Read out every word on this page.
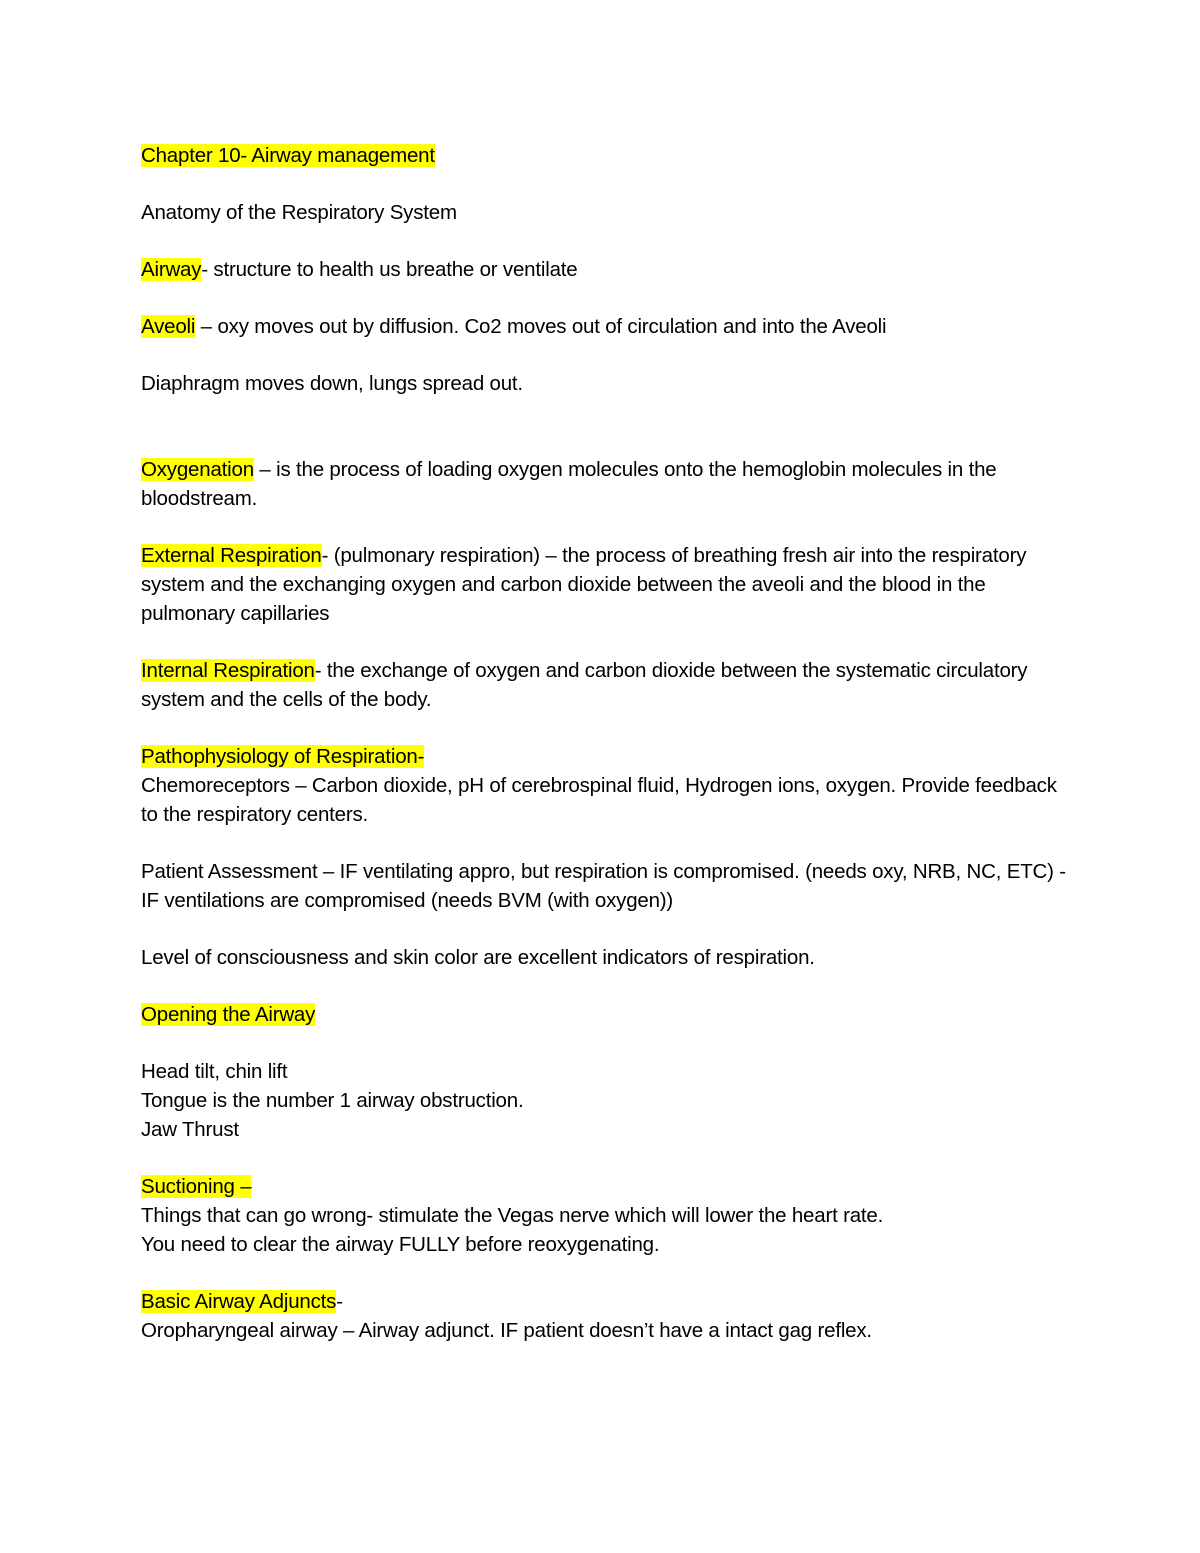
Chapter 10- Airway management

Anatomy of the Respiratory System

Airway- structure to health us breathe or ventilate

Aveoli – oxy moves out by diffusion. Co2 moves out of circulation and into the Aveoli

Diaphragm moves down, lungs spread out.

Oxygenation – is the process of loading oxygen molecules onto the hemoglobin molecules in the bloodstream.

External Respiration- (pulmonary respiration) – the process of breathing fresh air into the respiratory system and the exchanging oxygen and carbon dioxide between the aveoli and the blood in the pulmonary capillaries

Internal Respiration- the exchange of oxygen and carbon dioxide between the systematic circulatory system and the cells of the body.

Pathophysiology of Respiration-
Chemoreceptors – Carbon dioxide, pH of cerebrospinal fluid, Hydrogen ions, oxygen. Provide feedback to the respiratory centers.

Patient Assessment – IF ventilating appro, but respiration is compromised. (needs oxy, NRB, NC, ETC) -IF ventilations are compromised (needs BVM (with oxygen))

Level of consciousness and skin color are excellent indicators of respiration.

Opening the Airway

Head tilt, chin lift
Tongue is the number 1 airway obstruction.
Jaw Thrust
Suctioning –
Things that can go wrong- stimulate the Vegas nerve which will lower the heart rate.
You need to clear the airway FULLY before reoxygenating.
Basic Airway Adjuncts-
Oropharyngeal airway – Airway adjunct. IF patient doesn’t have a intact gag reflex.
